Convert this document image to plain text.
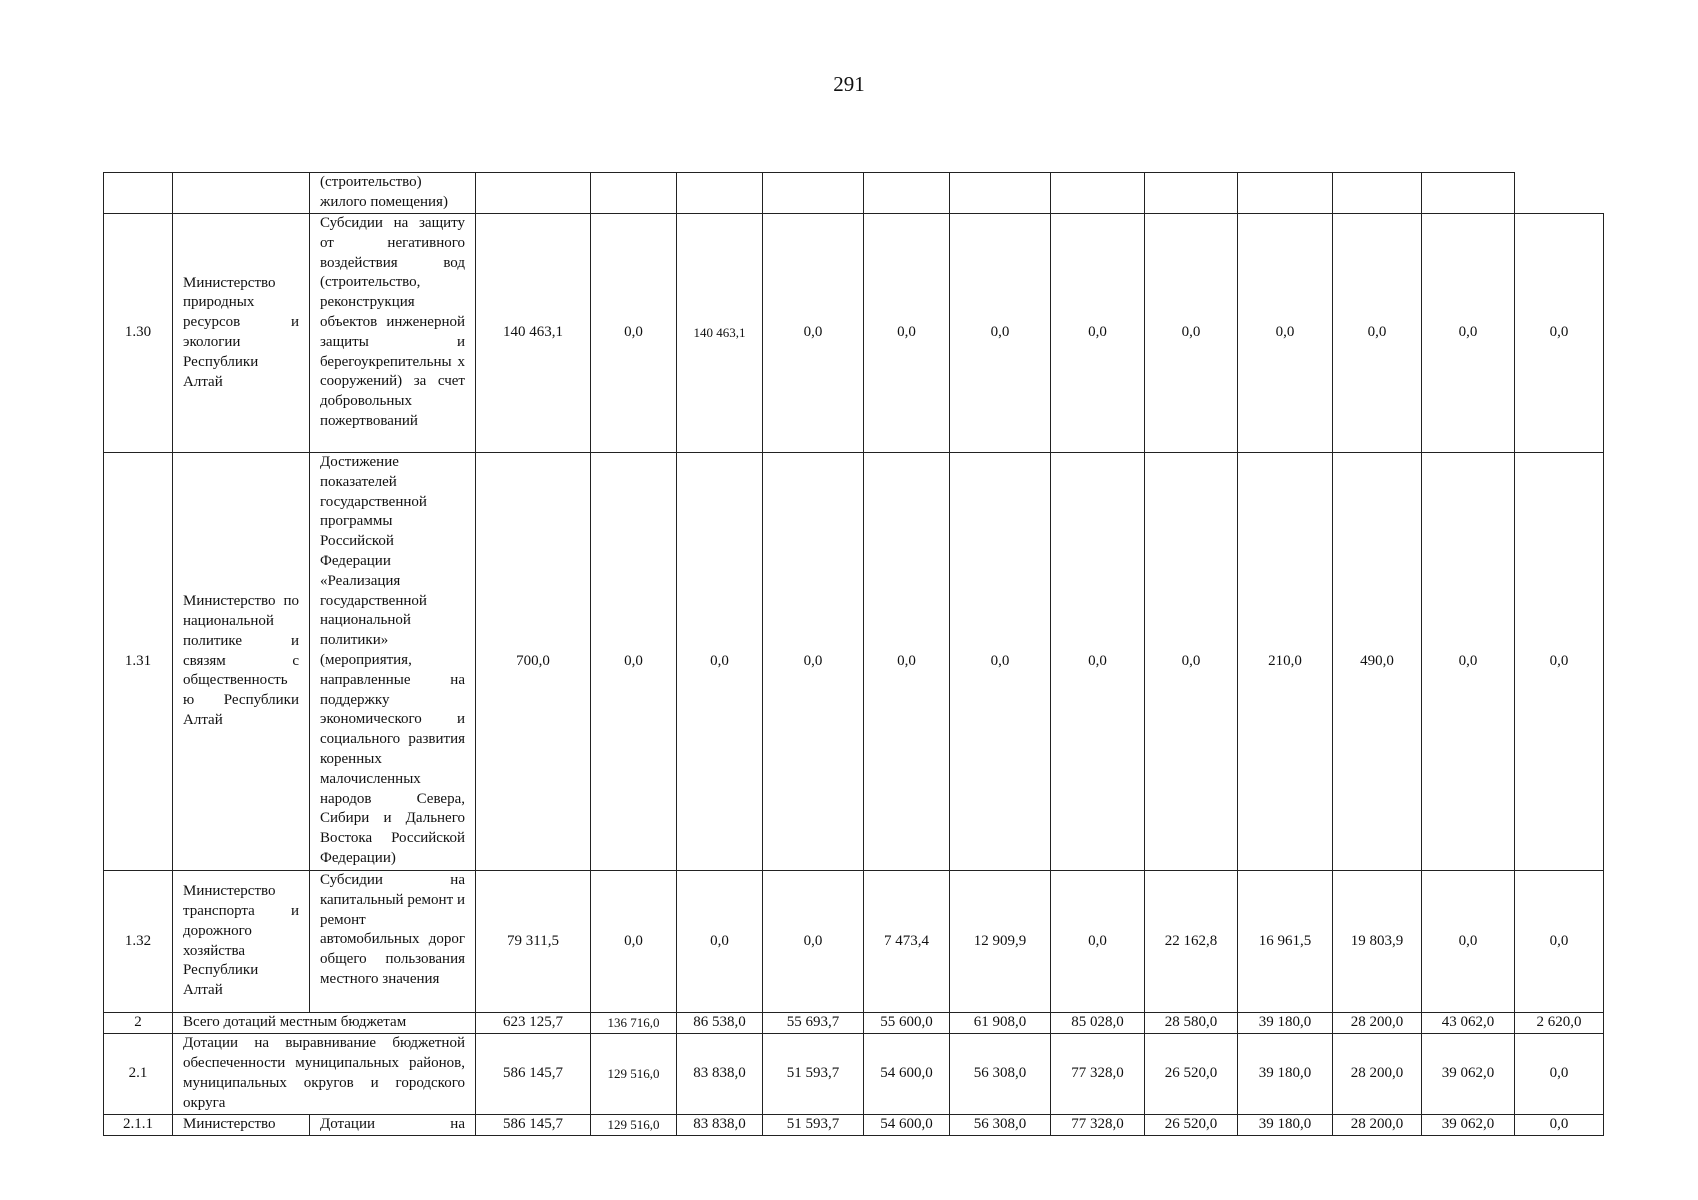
291
		(строительство) жилого помещения)												
1.30	Министерство природных ресурсов и экологии Республики Алтай	Субсидии на защиту от негативного воздействия вод (строительство, реконструкция объектов инженерной защиты и берегоукрепительны х сооружений) за счет добровольных пожертвований	140 463,1	0,0	140 463,1	0,0	0,0	0,0	0,0	0,0	0,0	0,0	0,0	0,0
1.31	Министерство по национальной политике и связям с общественность ю Республики Алтай	Достижение показателей государственной программы Российской Федерации «Реализация государственной национальной политики» (мероприятия, направленные на поддержку экономического и социального развития коренных малочисленных народов Севера, Сибири и Дальнего Востока Российской Федерации)	700,0	0,0	0,0	0,0	0,0	0,0	0,0	0,0	210,0	490,0	0,0	0,0
1.32	Министерство транспорта и дорожного хозяйства Республики Алтай	Субсидии на капитальный ремонт и ремонт автомобильных дорог общего пользования местного значения	79 311,5	0,0	0,0	0,0	7 473,4	12 909,9	0,0	22 162,8	16 961,5	19 803,9	0,0	0,0
2	Всего дотаций местным бюджетам		623 125,7	136 716,0	86 538,0	55 693,7	55 600,0	61 908,0	85 028,0	28 580,0	39 180,0	28 200,0	43 062,0	2 620,0
2.1	Дотации на выравнивание бюджетной обеспеченности муниципальных районов, муниципальных округов и городского округа		586 145,7	129 516,0	83 838,0	51 593,7	54 600,0	56 308,0	77 328,0	26 520,0	39 180,0	28 200,0	39 062,0	0,0
2.1.1	Министерство	Дотации на	586 145,7	129 516,0	83 838,0	51 593,7	54 600,0	56 308,0	77 328,0	26 520,0	39 180,0	28 200,0	39 062,0	0,0
